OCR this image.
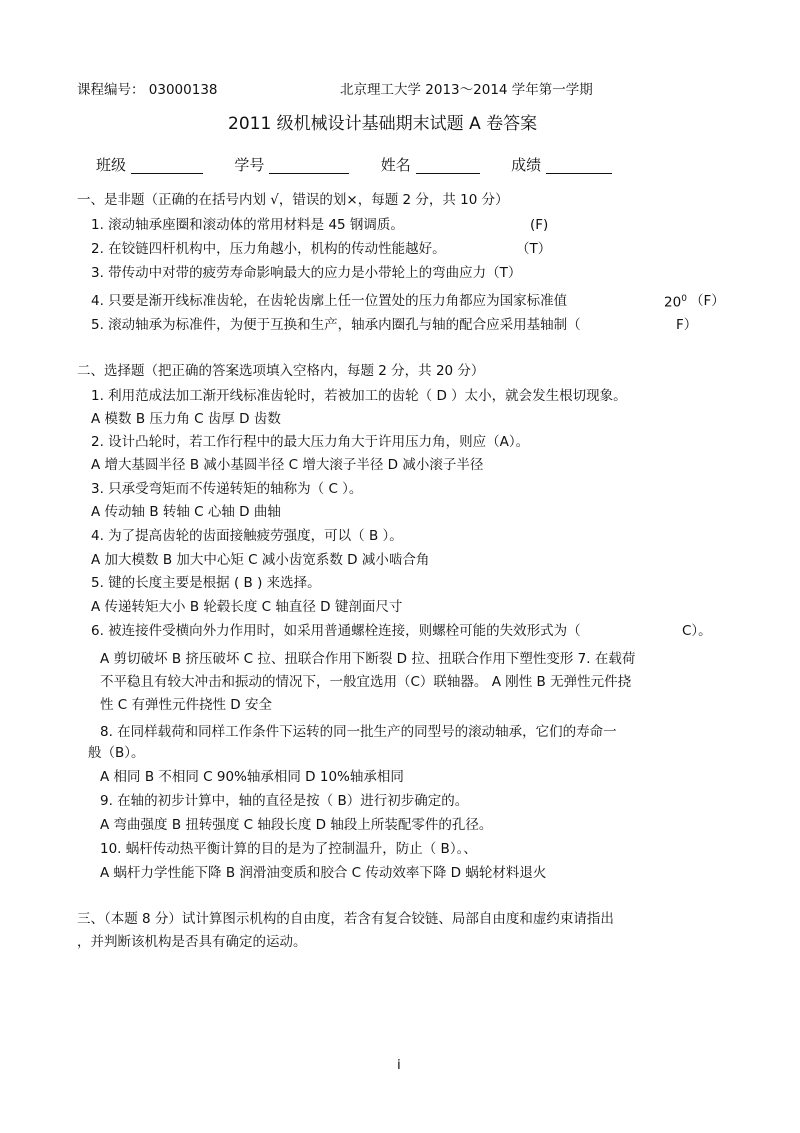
课程编号： 03000138	北京理工大学 2013～2014 学年第一学期
2011 级机械设计基础期末试题 A 卷答案
班级	学号	姓名	成绩
一、是非题（正确的在括号内划 √，错误的划×，每题 2 分，共 10 分）
1. 滚动轴承座圈和滚动体的常用材料是 45 钢调质。	(F)
2. 在铰链四杆机构中，压力角越小，机构的传动性能越好。	（T）
3. 带传动中对带的疲劳寿命影响最大的应力是小带轮上的弯曲应力（T）
4. 只要是渐开线标准齿轮，在齿轮齿廓上任一位置处的压力角都应为国家标准值	$20^0$ （F）
5. 滚动轴承为标准件，为便于互换和生产，轴承内圈孔与轴的配合应采用基轴制（	F）
二、选择题（把正确的答案选项填入空格内，每题 2 分，共 20 分）
1. 利用范成法加工渐开线标准齿轮时，若被加工的齿轮（ D ）太小，就会发生根切现象。
A 模数 B 压力角 C 齿厚 D 齿数
2. 设计凸轮时，若工作行程中的最大压力角大于许用压力角，则应（A）。
A 增大基圆半径 B 减小基圆半径 C 增大滚子半径 D 减小滚子半径
3. 只承受弯矩而不传递转矩的轴称为（ C ）。
A 传动轴 B 转轴 C 心轴 D 曲轴
4. 为了提高齿轮的齿面接触疲劳强度，可以（ B ）。
A 加大模数 B 加大中心矩 C 减小齿宽系数 D 减小啮合角
5. 键的长度主要是根据 ( B ) 来选择。
A 传递转矩大小 B 轮毂长度 C 轴直径 D 键剖面尺寸
6. 被连接件受横向外力作用时，如采用普通螺栓连接，则螺栓可能的失效形式为（	C）。
A 剪切破坏 B 挤压破坏 C 拉、扭联合作用下断裂 D 拉、扭联合作用下塑性变形 7. 在载荷
不平稳且有较大冲击和振动的情况下，一般宜选用（C）联轴器。 A 刚性 B 无弹性元件挠
性 C 有弹性元件挠性 D 安全
8. 在同样载荷和同样工作条件下运转的同一批生产的同型号的滚动轴承，它们的寿命一
般（B）。
A 相同 B 不相同 C 90%轴承相同 D 10%轴承相同
9. 在轴的初步计算中，轴的直径是按（ B）进行初步确定的。
A 弯曲强度 B 扭转强度 C 轴段长度 D 轴段上所装配零件的孔径。
10. 蜗杆传动热平衡计算的目的是为了控制温升，防止（ B）。、
A 蜗杆力学性能下降 B 润滑油变质和胶合 C 传动效率下降 D 蜗轮材料退火
三、（本题 8 分）试计算图示机构的自由度，若含有复合铰链、局部自由度和虚约束请指出
，并判断该机构是否具有确定的运动。
i
